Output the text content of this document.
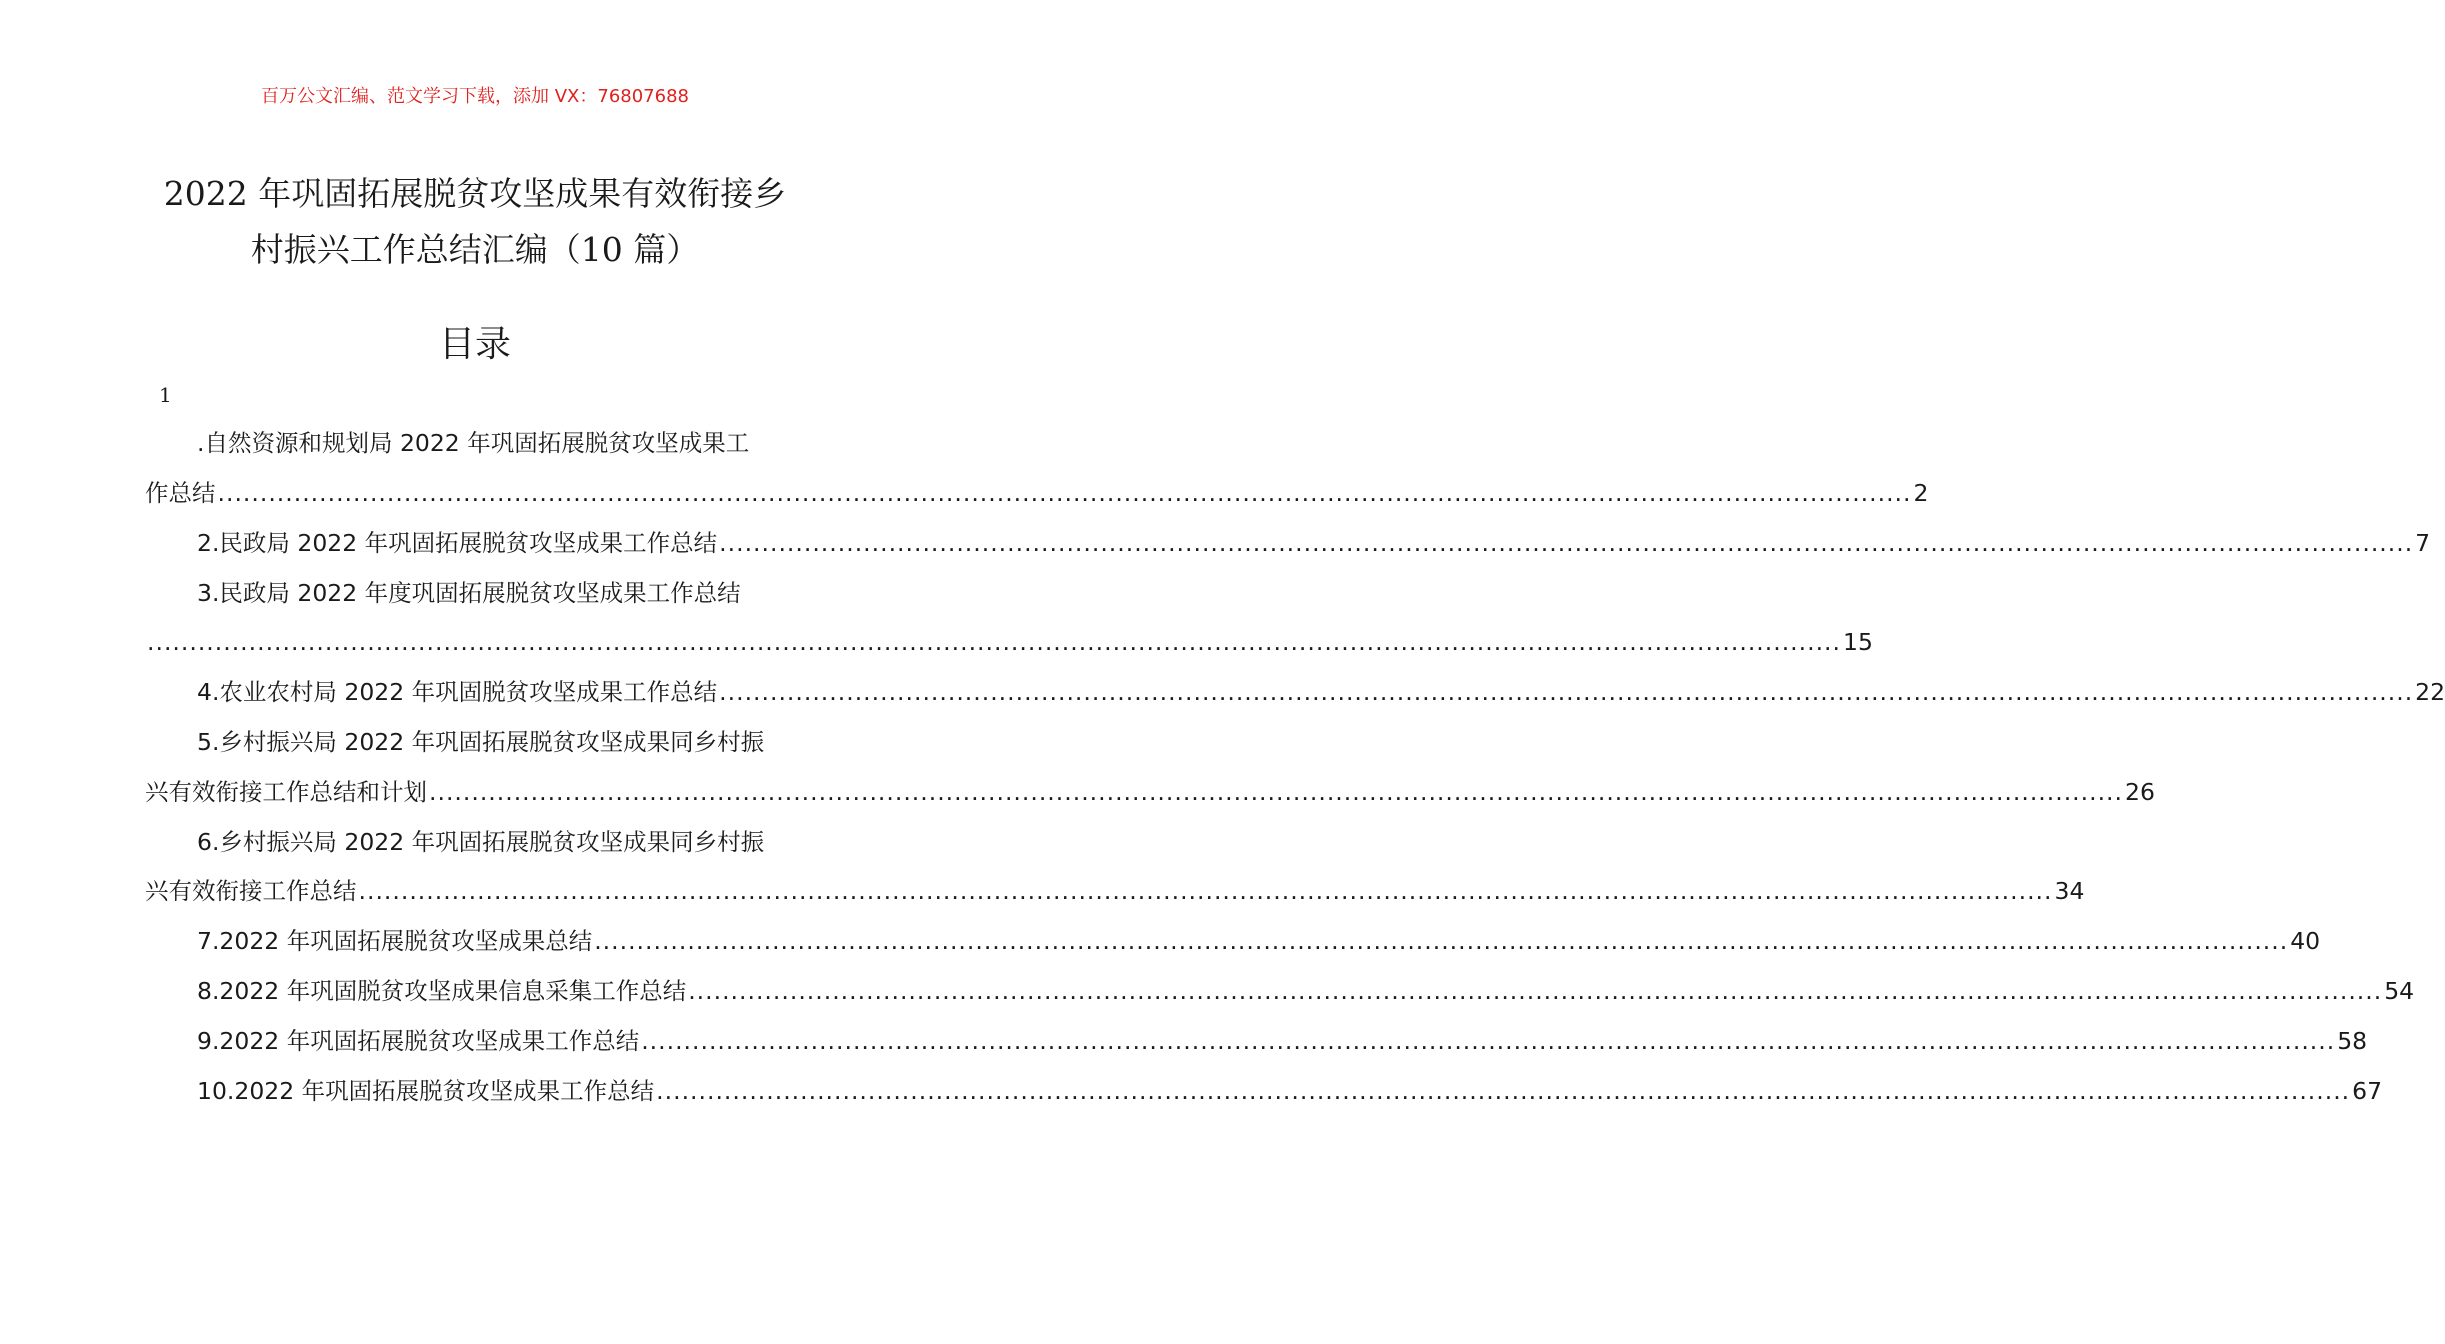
百万公文汇编、范文学习下载，添加 VX：76807688
2022 年巩固拓展脱贫攻坚成果有效衔接乡
村振兴工作总结汇编（10 篇）
目录
1
.自然资源和规划局 2022 年巩固拓展脱贫攻坚成果工
作总结 ........................................................................................................................................................................................................ 2
2.民政局 2022 年巩固拓展脱贫攻坚成果工作总结 ........................................................................................................................................................................................................ 7
3.民政局 2022 年度巩固拓展脱贫攻坚成果工作总结
........................................................................................................................................................................................................ 15
4.农业农村局 2022 年巩固脱贫攻坚成果工作总结 ........................................................................................................................................................................................................ 22
5.乡村振兴局 2022 年巩固拓展脱贫攻坚成果同乡村振
兴有效衔接工作总结和计划 ........................................................................................................................................................................................................ 26
6.乡村振兴局 2022 年巩固拓展脱贫攻坚成果同乡村振
兴有效衔接工作总结 ........................................................................................................................................................................................................ 34
7.2022 年巩固拓展脱贫攻坚成果总结 ........................................................................................................................................................................................................ 40
8.2022 年巩固脱贫攻坚成果信息采集工作总结 ........................................................................................................................................................................................................ 54
9.2022 年巩固拓展脱贫攻坚成果工作总结 ........................................................................................................................................................................................................ 58
10.2022 年巩固拓展脱贫攻坚成果工作总结 ........................................................................................................................................................................................................ 67
